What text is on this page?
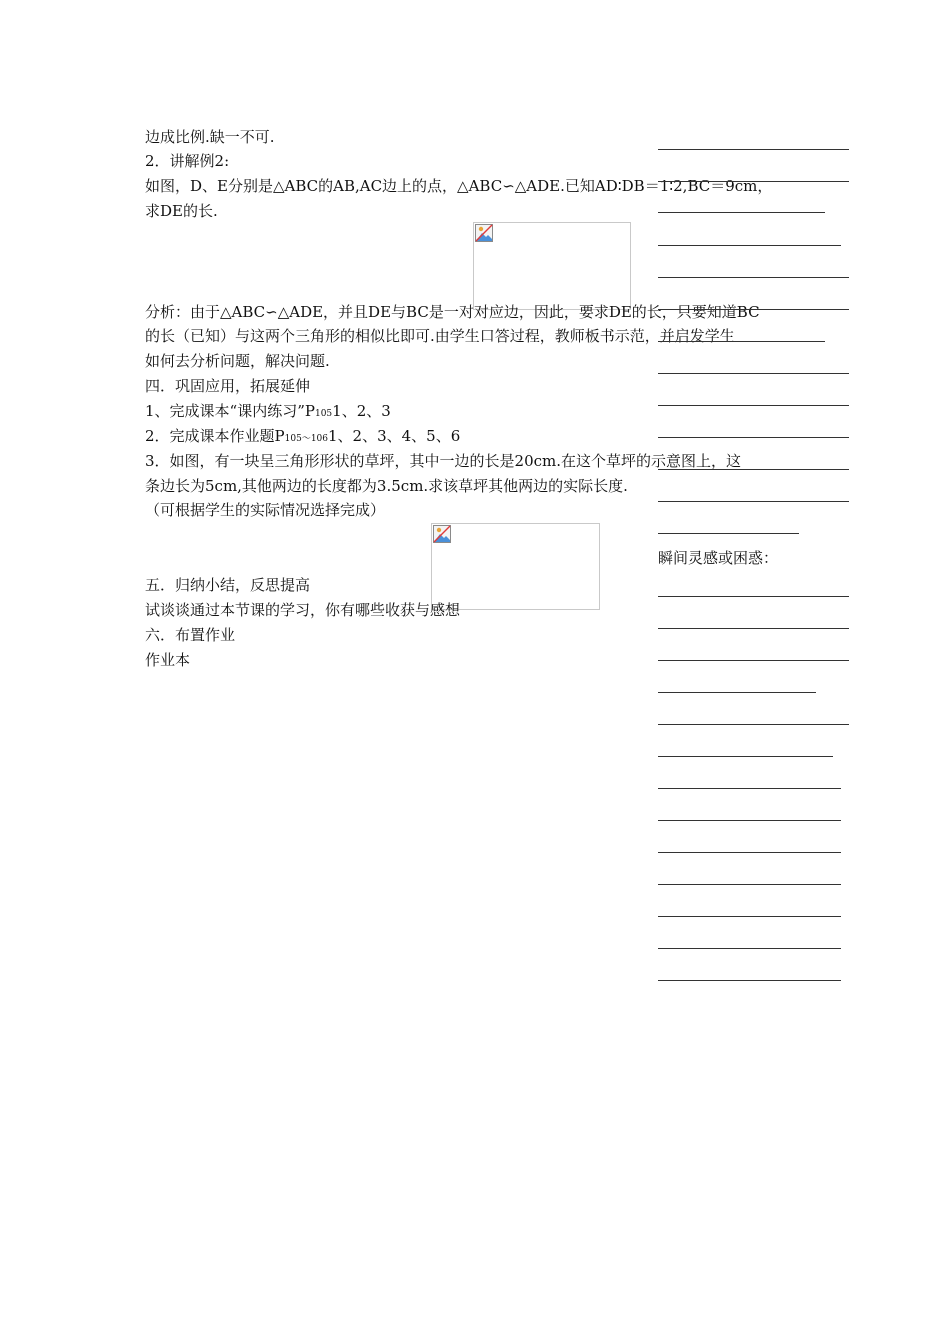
边成比例.缺一不可.
2．讲解例2:
如图，D、E分别是△ABC的AB,AC边上的点，△ABC∽△ADE.已知AD∶DB＝1∶2,BC＝9cm，
求DE的长.
分析：由于△ABC∽△ADE，并且DE与BC是一对对应边，因此，要求DE的长，只要知道BC
的长（已知）与这两个三角形的相似比即可.由学生口答过程，教师板书示范，并启发学生
如何去分析问题，解决问题.
四．巩固应用，拓展延伸
1、完成课本“课内练习”P1051、2、3
2．完成课本作业题P105～1061、2、3、4、5、6
3．如图，有一块呈三角形形状的草坪，其中一边的长是20cm.在这个草坪的示意图上，这
条边长为5cm,其他两边的长度都为3.5cm.求该草坪其他两边的实际长度.
（可根据学生的实际情况选择完成）
五．归纳小结，反思提高
试谈谈通过本节课的学习，你有哪些收获与感想
六．布置作业
作业本
瞬间灵感或困惑：
